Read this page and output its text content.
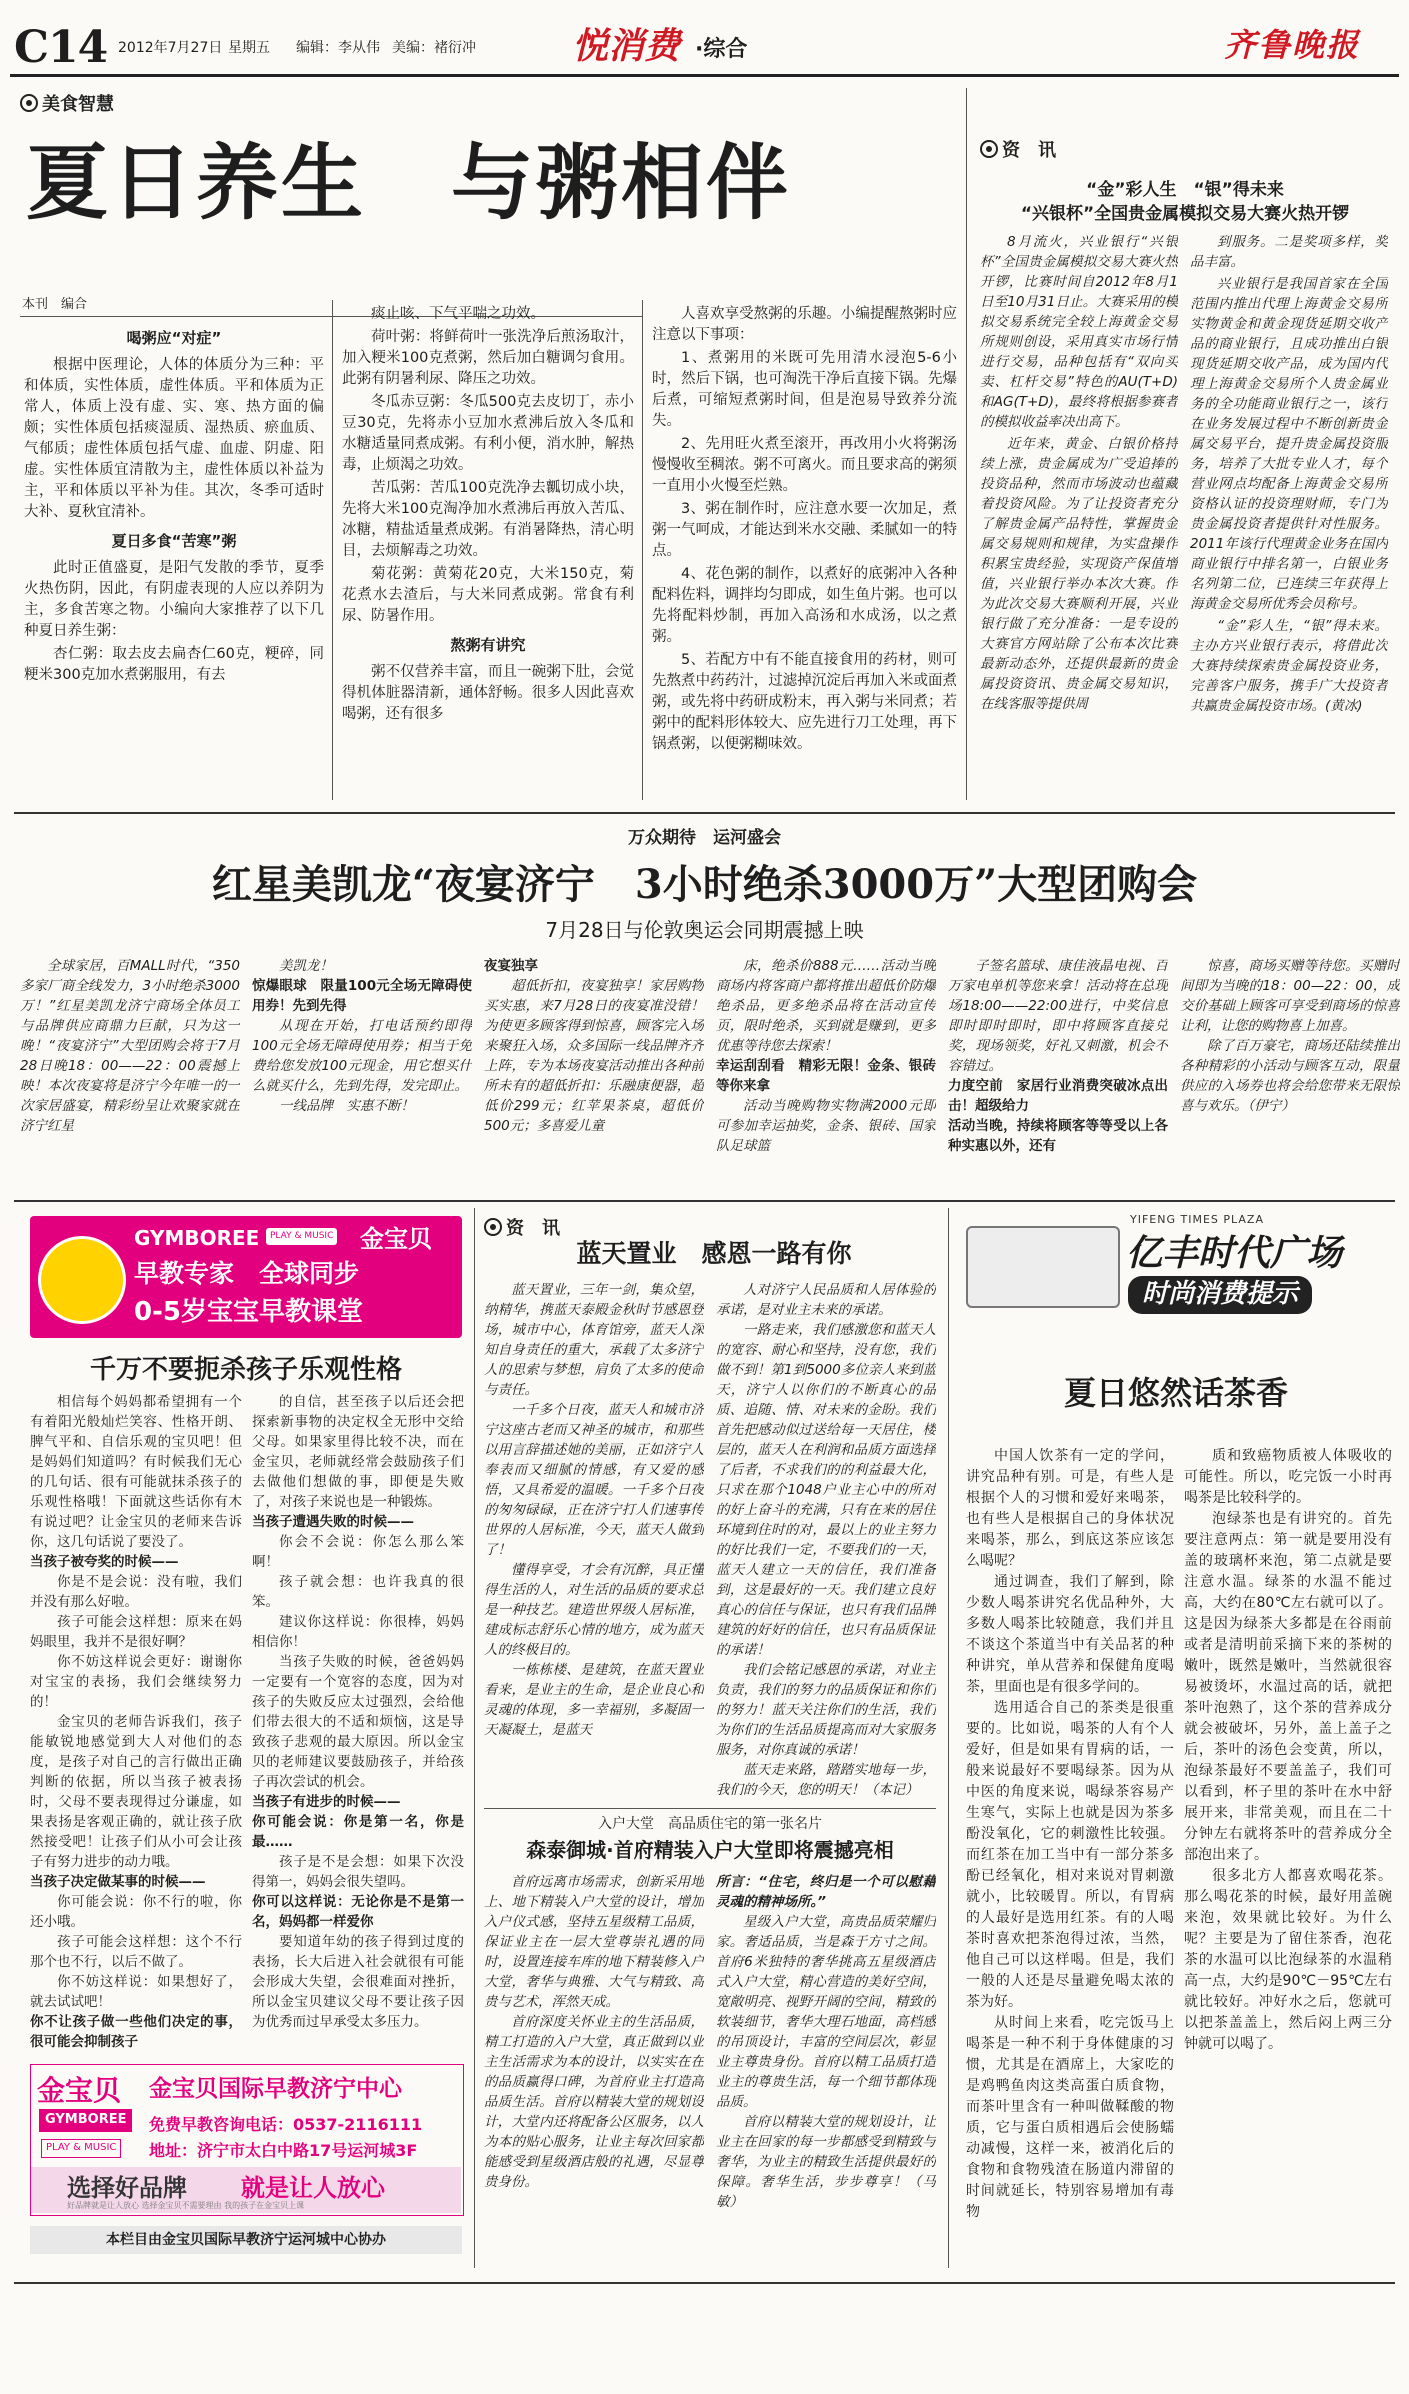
C14 2012年7月27日 星期五 编辑：李从伟 美编：褚衍冲	悦消费 ·综合	齐鲁晚报
美食智慧
夏日养生　与粥相伴
本刊　编合
喝粥应“对症”

根据中医理论，人体的体质分为三种：平和体质，实性体质，虚性体质。平和体质为正常人，体质上没有虚、实、寒、热方面的偏颇；实性体质包括痰湿质、湿热质、瘀血质、气郁质；虚性体质包括气虚、血虚、阴虚、阳虚。实性体质宜清散为主，虚性体质以补益为主，平和体质以平补为佳。其次，冬季可适时大补、夏秋宜清补。

夏日多食“苦寒”粥

此时正值盛夏，是阳气发散的季节，夏季火热伤阴，因此，有阴虚表现的人应以养阴为主，多食苦寒之物。小编向大家推荐了以下几种夏日养生粥：

杏仁粥：取去皮去扁杏仁60克，粳碎，同粳米300克加水煮粥服用，有去

痰止咳、下气平喘之功效。

荷叶粥：将鲜荷叶一张洗净后煎汤取汁，加入粳米100克煮粥，然后加白糖调匀食用。此粥有阴暑利尿、降压之功效。

冬瓜赤豆粥：冬瓜500克去皮切丁，赤小豆30克，先将赤小豆加水煮沸后放入冬瓜和水糖适量同煮成粥。有利小便，消水肿，解热毒，止烦渴之功效。

苦瓜粥：苦瓜100克洗净去瓤切成小块，先将大米100克淘净加水煮沸后再放入苦瓜、冰糖，精盐适量煮成粥。有消暑降热，清心明目，去烦解毒之功效。

菊花粥：黄菊花20克，大米150克，菊花煮水去渣后，与大米同煮成粥。常食有利尿、防暑作用。

熬粥有讲究

粥不仅营养丰富，而且一碗粥下肚，会觉得机体脏器清新，通体舒畅。很多人因此喜欢喝粥，还有很多

人喜欢享受熬粥的乐趣。小编提醒熬粥时应注意以下事项：

1、煮粥用的米既可先用清水浸泡5-6小时，然后下锅，也可淘洗干净后直接下锅。先爆后煮，可缩短煮粥时间，但是泡易导致养分流失。

2、先用旺火煮至滚开，再改用小火将粥汤慢慢收至稠浓。粥不可离火。而且要求高的粥须一直用小火慢至烂熟。

3、粥在制作时，应注意水要一次加足，煮粥一气呵成，才能达到米水交融、柔腻如一的特点。

4、花色粥的制作，以煮好的底粥冲入各种配料佐料，调拌均匀即成，如生鱼片粥。也可以先将配料炒制，再加入高汤和水成汤，以之煮粥。

5、若配方中有不能直接食用的药材，则可先熬煮中药药汁，过滤掉沉淀后再加入米或面煮粥，或先将中药研成粉末，再入粥与米同煮；若粥中的配料形体较大、应先进行刀工处理，再下锅煮粥，以便粥糊味效。

资　讯
“金”彩人生　“银”得未来
“兴银杯”全国贵金属模拟交易大赛火热开锣

8月流火，兴业银行“兴银杯”全国贵金属模拟交易大赛火热开锣，比赛时间自2012年8月1日至10月31日止。大赛采用的模拟交易系统完全较上海黄金交易所规则创设，采用真实市场行情进行交易，品种包括有“双向买卖、杠杆交易”特色的AU(T+D)和AG(T+D)，最终将根据参赛者的模拟收益率决出高下。

近年来，黄金、白银价格持续上涨，贵金属成为广受追捧的投资品种，然而市场波动也蕴藏着投资风险。为了让投资者充分了解贵金属产品特性，掌握贵金属交易规则和规律，为实盘操作积累宝贵经验，实现资产保值增值，兴业银行举办本次大赛。作为此次交易大赛顺利开展，兴业银行做了充分准备：一是专设的大赛官方网站除了公布本次比赛最新动态外，还提供最新的贵金属投资资讯、贵金属交易知识，在线客服等提供周

到服务。二是奖项多样，奖品丰富。

兴业银行是我国首家在全国范围内推出代理上海黄金交易所实物黄金和黄金现货延期交收产品的商业银行，且成功推出白银现货延期交收产品，成为国内代理上海黄金交易所个人贵金属业务的全功能商业银行之一，该行在业务发展过程中不断创新贵金属交易平台，提升贵金属投资服务，培养了大批专业人才，每个营业网点均配备上海黄金交易所资格认证的投资理财师，专门为贵金属投资者提供针对性服务。2011年该行代理黄金业务在国内商业银行中排名第一，白银业务名列第二位，已连续三年获得上海黄金交易所优秀会员称号。

“金”彩人生，“银”得未来。主办方兴业银行表示，将借此次大赛持续探索贵金属投资业务，完善客户服务，携手广大投资者共赢贵金属投资市场。(黄冰)

万众期待　运河盛会
红星美凯龙“夜宴济宁　3小时绝杀3000万”大型团购会
7月28日与伦敦奥运会同期震撼上映
全球家居，百MALL时代，“350多家厂商全线发力，3小时绝杀3000万！”红星美凯龙济宁商场全体员工与品牌供应商鼎力巨献，只为这一晚！“夜宴济宁”大型团购会将于7月28日晚18：00——22：00震撼上映！本次夜宴将是济宁今年唯一的一次家居盛宴，精彩纷呈让欢聚家就在济宁红星
美凯龙！
惊爆眼球　限量100元全场无障碍使用券！先到先得
从现在开始，打电话预约即得100元全场无障碍使用券；相当于免费给您发放100元现金，用它想买什么就买什么，先到先得，发完即止。
一线品牌　实惠不断！
夜宴独享
超低折扣，夜宴独享！家居购物买实惠，来7月28日的夜宴准没错！为使更多顾客得到惊喜，顾客完入场来聚狂入场，众多国际一线品牌齐齐上阵，专为本场夜宴活动推出各种前所未有的超低折扣：乐融康便器，超低价299元；红苹果茶桌，超低价500元；多喜爱儿童
床，绝杀价888元……活动当晚商场内将客商户都将推出超低价防爆绝杀品，更多绝杀品将在活动宣传页，限时绝杀，买到就是赚到，更多优惠等待您去探索！
幸运刮刮看　精彩无限！金条、银砖等你来拿
活动当晚购物实物满2000元即可参加幸运抽奖，金条、银砖、国家队足球篮
子签名篮球、康佳液晶电视、百万家电单机等您来拿！活动将在总现场18:00——22:00进行，中奖信息即时即时即时，即中将顾客直接兑奖，现场领奖，好礼又刺激，机会不容错过。
力度空前　家居行业消费突破冰点出击！超级给力
活动当晚，持续将顾客等等受以上各种实惠以外，还有
惊喜，商场买赠等待您。买赠时间即为当晚的18：00—22：00，成交价基础上顾客可享受到商场的惊喜让利，让您的购物喜上加喜。
除了百万豪宅，商场还陆续推出各种精彩的小活动与顾客互动，限量供应的入场券也将会给您带来无限惊喜与欢乐。（伊宁）
GYMBOREE	PLAY & MUSIC 金宝贝
早教专家　全球同步
0-5岁宝宝早教课堂
千万不要扼杀孩子乐观性格
相信每个妈妈都希望拥有一个有着阳光般灿烂笑容、性格开朗、脾气平和、自信乐观的宝贝吧！但是妈妈们知道吗？有时候我们无心的几句话、很有可能就抹杀孩子的乐观性格哦！下面就这些话你有木有说过吧？让金宝贝的老师来告诉你，这几句话说了要没了。
当孩子被夸奖的时候——
你是不是会说：没有啦，我们并没有那么好啦。
孩子可能会这样想：原来在妈妈眼里，我并不是很好啊？
你不妨这样说会更好：谢谢你对宝宝的表扬，我们会继续努力的！
金宝贝的老师告诉我们，孩子能敏锐地感觉到大人对他们的态度，是孩子对自己的言行做出正确判断的依据，所以当孩子被表扬时，父母不要表现得过分谦虚，如果表扬是客观正确的，就让孩子欣然接受吧！让孩子们从小可会让孩子有努力进步的动力哦。
当孩子决定做某事的时候——
你可能会说：你不行的啦，你还小哦。
孩子可能会这样想：这个不行那个也不行，以后不做了。
你不妨这样说：如果想好了，就去试试吧！
你不让孩子做一些他们决定的事，很可能会抑制孩子
的自信，甚至孩子以后还会把探索新事物的决定权全无形中交给父母。如果家里得比较不决，而在金宝贝，老师就经常会鼓励孩子们去做他们想做的事，即便是失败了，对孩子来说也是一种锻炼。
当孩子遭遇失败的时候——
你会不会说：你怎么那么笨啊！
孩子就会想：也许我真的很笨。
建议你这样说：你很棒，妈妈相信你！
当孩子失败的时候，爸爸妈妈一定要有一个宽容的态度，因为对孩子的失败反应太过强烈，会给他们带去很大的不适和烦恼，这是导致孩子悲观的最大原因。所以金宝贝的老师建议要鼓励孩子，并给孩子再次尝试的机会。
当孩子有进步的时候——
你可能会说：你是第一名，你是最……
孩子是不是会想：如果下次没得第一，妈妈会很失望吗。
你可以这样说：无论你是不是第一名，妈妈都一样爱你
要知道年幼的孩子得到过度的表扬，长大后进入社会就很有可能会形成大失望，会很难面对挫折，所以金宝贝建议父母不要让孩子因为优秀而过早承受太多压力。
金宝贝
GYMBOREE
PLAY & MUSIC
金宝贝国际早教济宁中心
免费早教咨询电话：0537-2116111
地址：济宁市太白中路17号运河城3F
选择好品牌 就是让人放心
好品牌就是让人放心 选择金宝贝不需要理由 我的孩子在金宝贝上课
本栏目由金宝贝国际早教济宁运河城中心协办
资　讯
蓝天置业　感恩一路有你
蓝天置业，三年一剑，集众望，纳精华，携蓝天泰殿金秋时节感恩登场，城市中心，体育馆旁，蓝天人深知自身责任的重大，承载了太多济宁人的思索与梦想，肩负了太多的使命与责任。
一千多个日夜，蓝天人和城市济宁这座古老而又神圣的城市，和那些以用言辞描述她的美丽，正如济宁人奉表而又细腻的情感，有又爱的感悟，又具希爱的温暖。一千多个日夜的匆匆碌碌，正在济宁打人们速事传世界的人居标准，今天，蓝天人做到了！
懂得享受，才会有沉醉，具正懂得生活的人，对生活的品质的要求总是一种技艺。建造世界级人居标准，建成标志舒乐心情的地方，成为蓝天人的终极目的。
一栋栋楼、是建筑，在蓝天置业看来，是业主的生命，是企业良心和灵魂的体现，多一幸福别，多凝固一天凝凝土，是蓝天
人对济宁人民品质和人居体验的承诺，是对业主未来的承诺。
一路走来，我们感激您和蓝天人的宽容、耐心和坚持，没有您，我们做不到！第1到5000多位亲人来到蓝天，济宁人以你们的不断真心的品质、追随、情、对未来的金盼。我们首先把感动似过送给每一天居住，楼层的，蓝天人在利润和品质方面选择了后者，不求我们的的利益最大化，只求在那个1048户业主心中的所对的好上奋斗的充满，只有在来的居住环境到住时的对，最以上的业主努力的好比我们一定，不要我们的一天，蓝天人建立一天的信任，我们准备到，这是最好的一天。我们建立良好真心的信任与保证，也只有我们品牌建筑的好好的信任，也只有品质保证的承诺！
我们会铭记感恩的承诺，对业主负责，我们的努力的品质保证和你们的努力！蓝天关注你们的生活，我们为你们的生活品质提高而对大家服务服务，对你真诚的承诺！
蓝天走来路，踏踏实地每一步，我们的今天，您的明天！（本记）
入户大堂　高品质住宅的第一张名片
森泰御城·首府精装入户大堂即将震撼亮相
首府远离市场需求，创新采用地上、地下精装入户大堂的设计，增加入户仪式感，坚持五星级精工品质，保证业主在一层大堂尊崇礼遇的同时，设置连接车库的地下精装修入户大堂，奢华与典雅、大气与精致、高贵与艺术，浑然天成。
首府深度关怀业主的生活品质，精工打造的入户大堂，真正做到以业主生活需求为本的设计，以实实在在的品质赢得口碑，为首府业主打造高品质生活。首府以精装大堂的规划设计，大堂内还将配备公区服务，以人为本的贴心服务，让业主每次回家都能感受到星级酒店般的礼遇，尽显尊贵身份。
所言：“住宅，终归是一个可以慰藉灵魂的精神场所。”
星级入户大堂，高贵品质荣耀归家。奢适品质，当是森于方寸之间。首府6米独特的奢华挑高五星级酒店式入户大堂，精心营造的美好空间，宽敞明亮、视野开阔的空间，精致的软装细节，奢华大理石地面，高档感的吊顶设计，丰富的空间层次，彰显业主尊贵身份。首府以精工品质打造业主的尊贵生活，每一个细节都体现品质。
首府以精装大堂的规划设计，让业主在回家的每一步都感受到精致与奢华，为业主的精致生活提供最好的保障。奢华生活，步步尊享！（马敏）
YIFENG TIMES PLAZA
亿丰时代广场
时尚消费提示
夏日悠然话茶香
中国人饮茶有一定的学问，讲究品种有别。可是，有些人是根据个人的习惯和爱好来喝茶，也有些人是根据自己的身体状况来喝茶，那么，到底这茶应该怎么喝呢？
通过调查，我们了解到，除少数人喝茶讲究名优品种外，大多数人喝茶比较随意，我们并且不谈这个茶道当中有关品茗的种种讲究，单从营养和保健角度喝茶，里面也是有很多学问的。
选用适合自己的茶类是很重要的。比如说，喝茶的人有个人爱好，但是如果有胃病的话，一般来说最好不要喝绿茶。因为从中医的角度来说，喝绿茶容易产生寒气，实际上也就是因为茶多酚没氧化，它的刺激性比较强。而红茶在加工当中有一部分茶多酚已经氧化，相对来说对胃刺激就小，比较暖胃。所以，有胃病的人最好是选用红茶。有的人喝茶时喜欢把茶泡得过浓，当然，他自己可以这样喝。但是，我们一般的人还是尽量避免喝太浓的茶为好。
从时间上来看，吃完饭马上喝茶是一种不利于身体健康的习惯，尤其是在酒席上，大家吃的是鸡鸭鱼肉这类高蛋白质食物，而茶叶里含有一种叫做鞣酸的物质，它与蛋白质相遇后会使肠蠕动减慢，这样一来，被消化后的食物和食物残渣在肠道内滞留的时间就延长，特别容易增加有毒物
质和致癌物质被人体吸收的可能性。所以，吃完饭一小时再喝茶是比较科学的。
泡绿茶也是有讲究的。首先要注意两点：第一就是要用没有盖的玻璃杯来泡，第二点就是要注意水温。绿茶的水温不能过高，大约在80℃左右就可以了。这是因为绿茶大多都是在谷雨前或者是清明前采摘下来的茶树的嫩叶，既然是嫩叶，当然就很容易被烫坏，水温过高的话，就把茶叶泡熟了，这个茶的营养成分就会被破坏，另外，盖上盖子之后，茶叶的汤色会变黄，所以，泡绿茶最好不要盖盖子，我们可以看到，杯子里的茶叶在水中舒展开来，非常美观，而且在二十分钟左右就将茶叶的营养成分全部泡出来了。
很多北方人都喜欢喝花茶。那么喝花茶的时候，最好用盖碗来泡，效果就比较好。为什么呢？主要是为了留住茶香，泡花茶的水温可以比泡绿茶的水温稍高一点，大约是90℃－95℃左右就比较好。冲好水之后，您就可以把茶盖盖上，然后闷上两三分钟就可以喝了。
